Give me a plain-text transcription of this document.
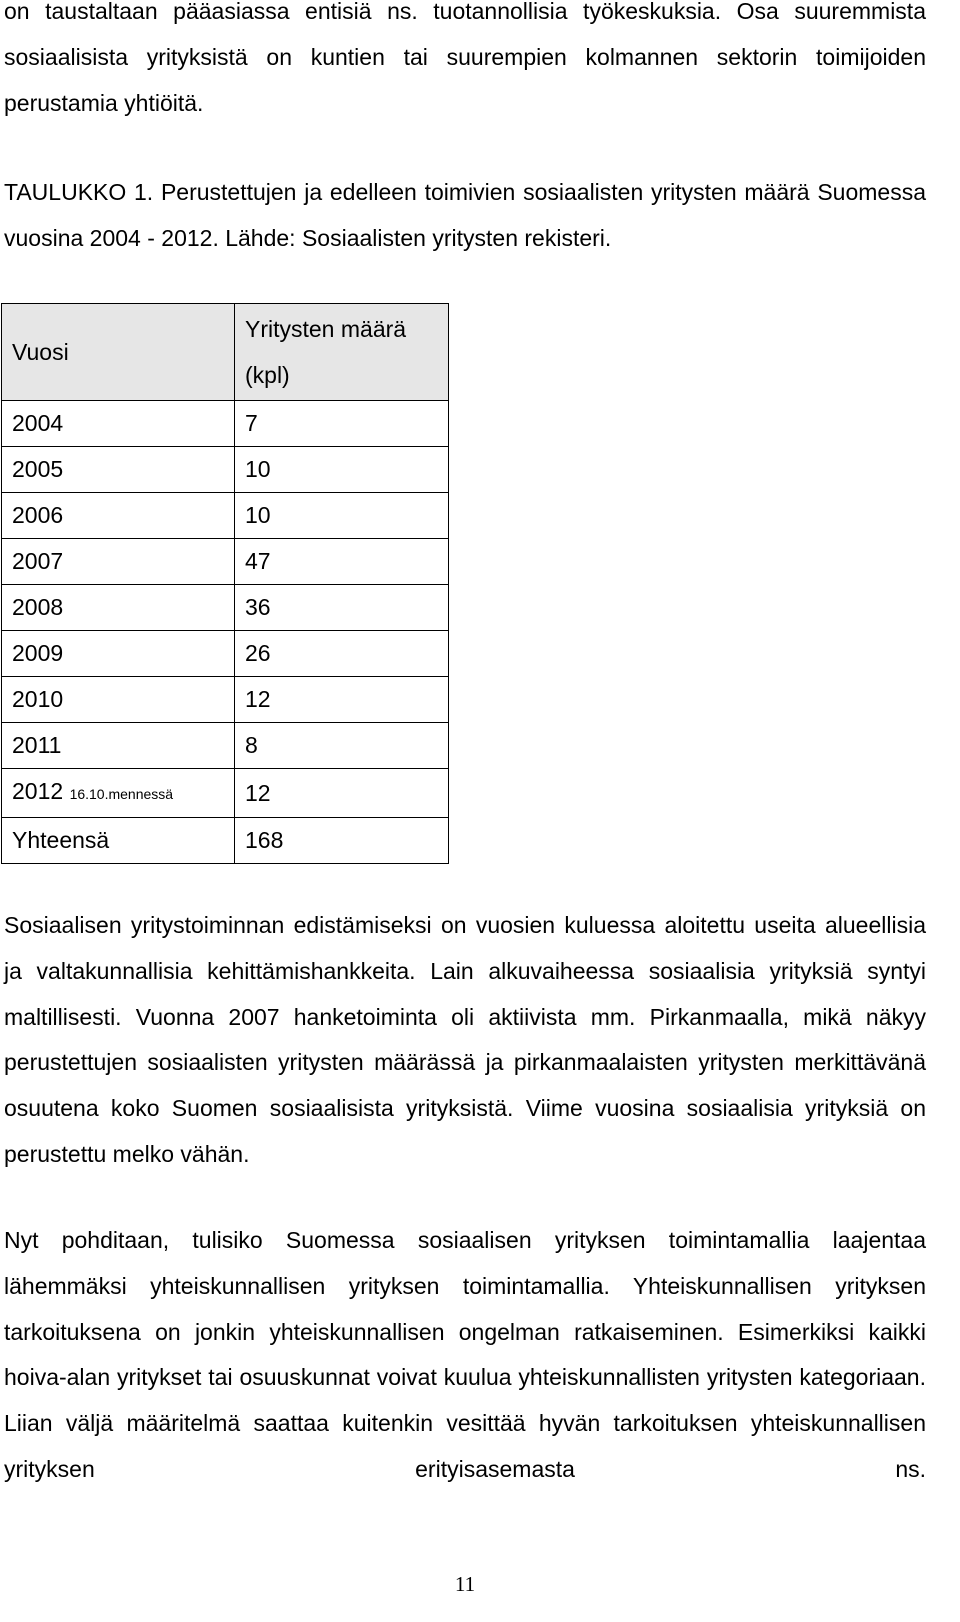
on taustaltaan pääasiassa entisiä ns. tuotannollisia työkeskuksia. Osa suuremmista sosiaalisista yrityksistä on kuntien tai suurempien kolmannen sektorin toimijoiden perustamia yhtiöitä.

TAULUKKO 1. Perustettujen ja edelleen toimivien sosiaalisten yritysten määrä Suomessa vuosina 2004 - 2012. Lähde: Sosiaalisten yritysten rekisteri.

Vuosi	Yritysten määrä (kpl)
2004	7
2005	10
2006	10
2007	47
2008	36
2009	26
2010	12
2011	8
2012 16.10.mennessä	12
Yhteensä	168

Sosiaalisen yritystoiminnan edistämiseksi on vuosien kuluessa aloitettu useita alueellisia ja valtakunnallisia kehittämishankkeita. Lain alkuvaiheessa sosiaalisia yrityksiä syntyi maltillisesti. Vuonna 2007 hanketoiminta oli aktiivista mm. Pirkanmaalla, mikä näkyy perustettujen sosiaalisten yritysten määrässä ja pirkanmaalaisten yritysten merkittävänä osuutena koko Suomen sosiaalisista yrityksistä. Viime vuosina sosiaalisia yrityksiä on perustettu melko vähän.

Nyt pohditaan, tulisiko Suomessa sosiaalisen yrityksen toimintamallia laajentaa lähemmäksi yhteiskunnallisen yrityksen toimintamallia. Yhteiskunnallisen yrityksen tarkoituksena on jonkin yhteiskunnallisen ongelman ratkaiseminen. Esimerkiksi kaikki hoiva-alan yritykset tai osuuskunnat voivat kuulua yhteiskunnallisten yritysten kategoriaan. Liian väljä määritelmä saattaa kuitenkin vesittää hyvän tarkoituksen yhteiskunnallisen yrityksen erityisasemasta ns.

11
